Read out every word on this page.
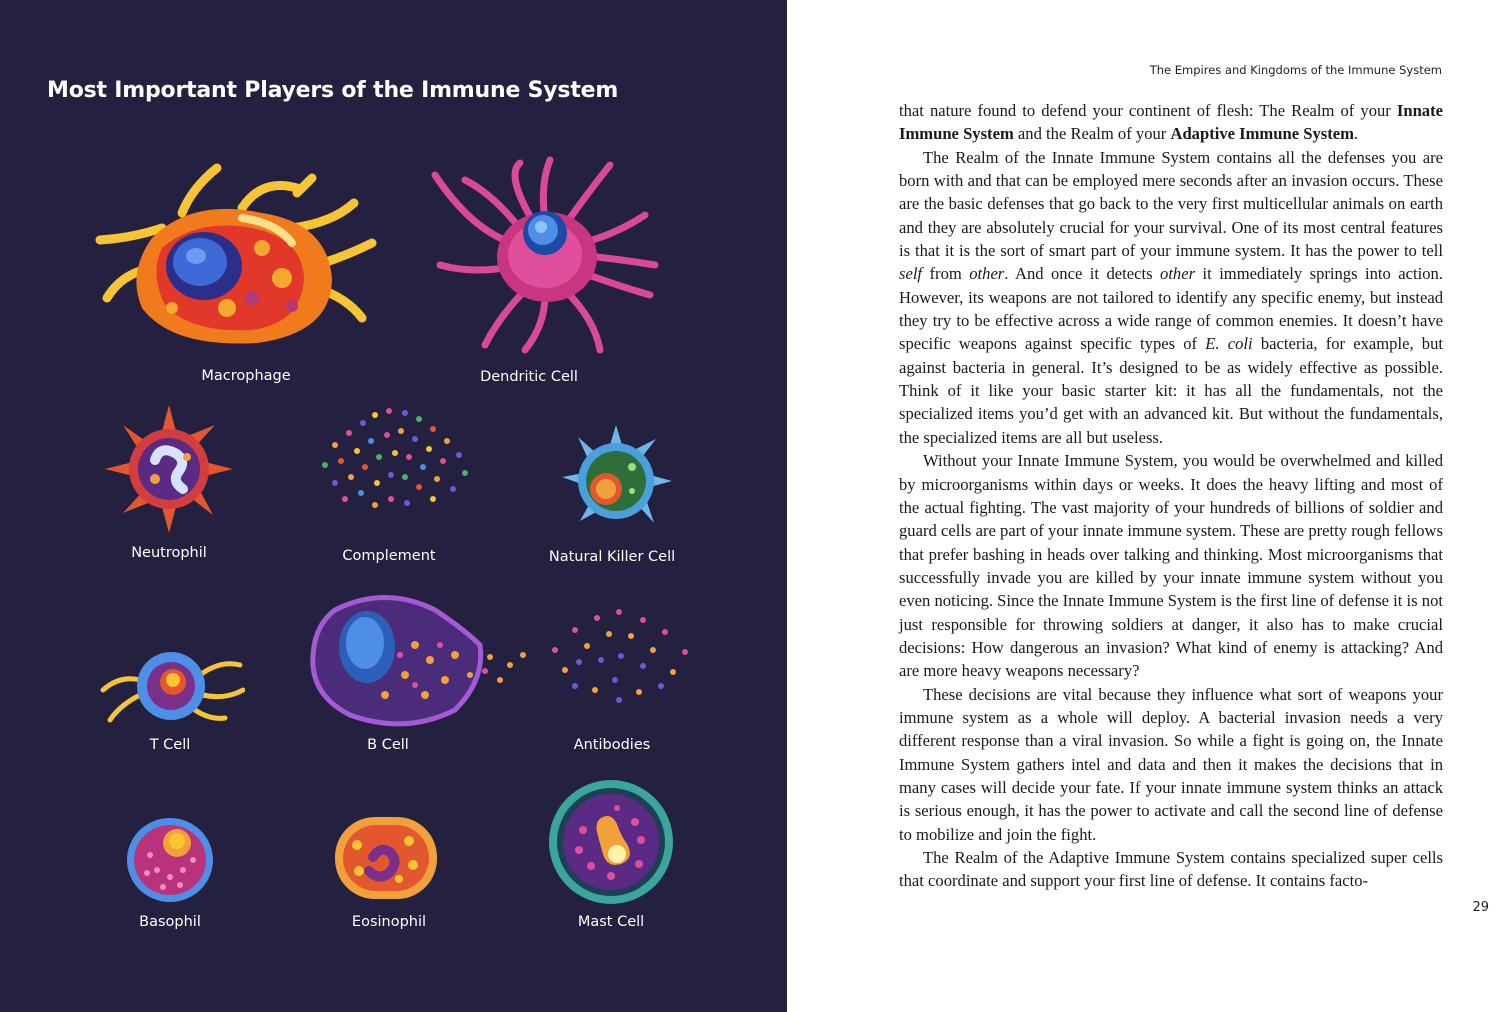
Most Important Players of the Immune System
Macrophage	Dendritic Cell
Neutrophil	Complement	Natural Killer Cell
T Cell	B Cell	Antibodies
Basophil	Eosinophil	Mast Cell
The Empires and Kingdoms of the Immune System

that nature found to defend your continent of flesh: The Realm of your Innate Immune System and the Realm of your Adaptive Immune System.

The Realm of the Innate Immune System contains all the defenses you are born with and that can be employed mere seconds after an invasion occurs. These are the basic defenses that go back to the very first multicellular animals on earth and they are absolutely crucial for your survival. One of its most central features is that it is the sort of smart part of your immune system. It has the power to tell self from other. And once it detects other it immediately springs into action. However, its weapons are not tailored to identify any specific enemy, but instead they try to be effective across a wide range of common enemies. It doesn’t have specific weapons against specific types of E. coli bacteria, for example, but against bacteria in general. It’s designed to be as widely effective as possible. Think of it like your basic starter kit: it has all the fundamentals, not the specialized items you’d get with an advanced kit. But without the fundamentals, the specialized items are all but useless.

Without your Innate Immune System, you would be overwhelmed and killed by microorganisms within days or weeks. It does the heavy lifting and most of the actual fighting. The vast majority of your hundreds of billions of soldier and guard cells are part of your innate immune system. These are pretty rough fellows that prefer bashing in heads over talking and thinking. Most microorganisms that successfully invade you are killed by your innate immune system without you even noticing. Since the Innate Immune System is the first line of defense it is not just responsible for throwing soldiers at danger, it also has to make crucial decisions: How dangerous an invasion? What kind of enemy is attacking? And are more heavy weapons necessary?

These decisions are vital because they influence what sort of weapons your immune system as a whole will deploy. A bacterial invasion needs a very different response than a viral invasion. So while a fight is going on, the Innate Immune System gathers intel and data and then it makes the decisions that in many cases will decide your fate. If your innate immune system thinks an attack is serious enough, it has the power to activate and call the second line of defense to mobilize and join the fight.

The Realm of the Adaptive Immune System contains specialized super cells that coordinate and support your first line of defense. It contains facto-

29
